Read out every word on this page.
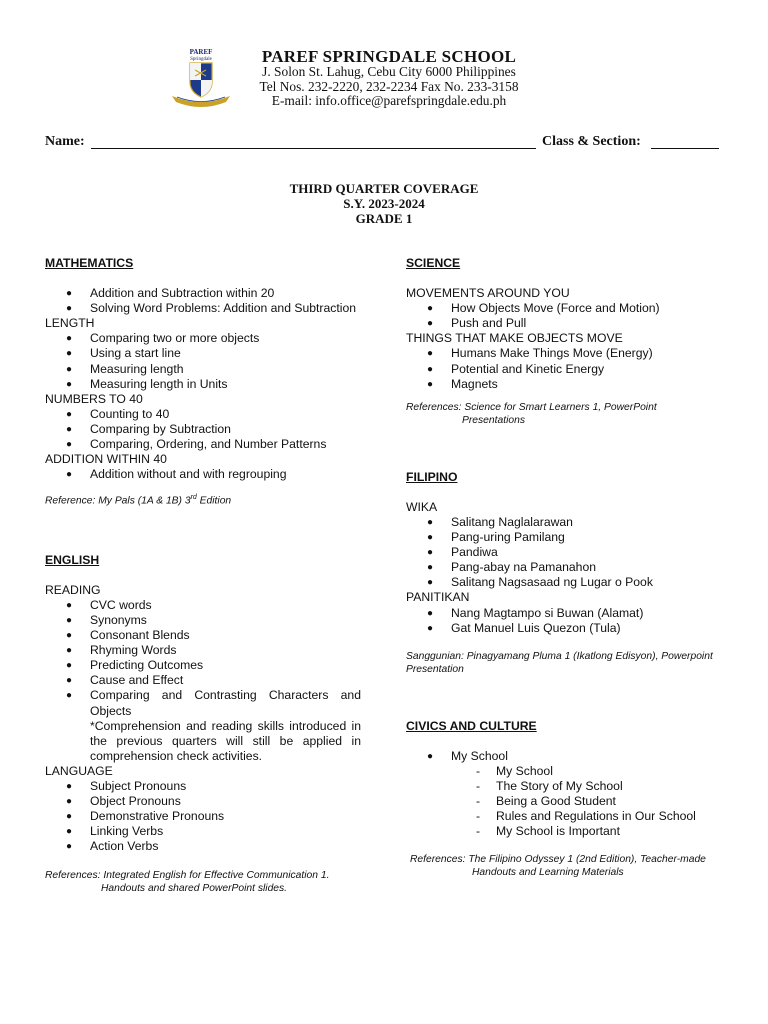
PAREF
Springdale	PAREF SPRINGDALE SCHOOL
J. Solon St. Lahug, Cebu City 6000 Philippines
Tel Nos. 232-2220, 232-2234 Fax No. 233-3158
E-mail: info.office@parefspringdale.edu.ph
Name:	Class & Section:
THIRD QUARTER COVERAGE
S.Y. 2023-2024
GRADE 1

MATHEMATICS

● Addition and Subtraction within 20
● Solving Word Problems: Addition and Subtraction

LENGTH

● Comparing two or more objects
● Using a start line
● Measuring length
● Measuring length in Units

NUMBERS TO 40

● Counting to 40
● Comparing by Subtraction
● Comparing, Ordering, and Number Patterns

ADDITION WITHIN 40

● Addition without and with regrouping

Reference: My Pals (1A & 1B) 3rd Edition

ENGLISH

READING

● CVC words
● Synonyms
● Consonant Blends
● Rhyming Words
● Predicting Outcomes
● Cause and Effect
● Comparing and Contrasting Characters and Objects
*Comprehension and reading skills introduced in the previous quarters will still be applied in comprehension check activities.

LANGUAGE

● Subject Pronouns
● Object Pronouns
● Demonstrative Pronouns
● Linking Verbs
● Action Verbs

References: Integrated English for Effective Communication 1.
Handouts and shared PowerPoint slides.

SCIENCE

MOVEMENTS AROUND YOU

● How Objects Move (Force and Motion)
● Push and Pull

THINGS THAT MAKE OBJECTS MOVE

● Humans Make Things Move (Energy)
● Potential and Kinetic Energy
● Magnets

References: Science for Smart Learners 1, PowerPoint
Presentations

FILIPINO

WIKA

● Salitang Naglalarawan
● Pang-uring Pamilang
● Pandiwa
● Pang-abay na Pamanahon
● Salitang Nagsasaad ng Lugar o Pook

PANITIKAN

● Nang Magtampo si Buwan (Alamat)
● Gat Manuel Luis Quezon (Tula)

Sanggunian: Pinagyamang Pluma 1 (Ikatlong Edisyon), Powerpoint
Presentation

CIVICS AND CULTURE

● My School
- My School
- The Story of My School
- Being a Good Student
- Rules and Regulations in Our School
- My School is Important

References: The Filipino Odyssey 1 (2nd Edition), Teacher-made
Handouts and Learning Materials
